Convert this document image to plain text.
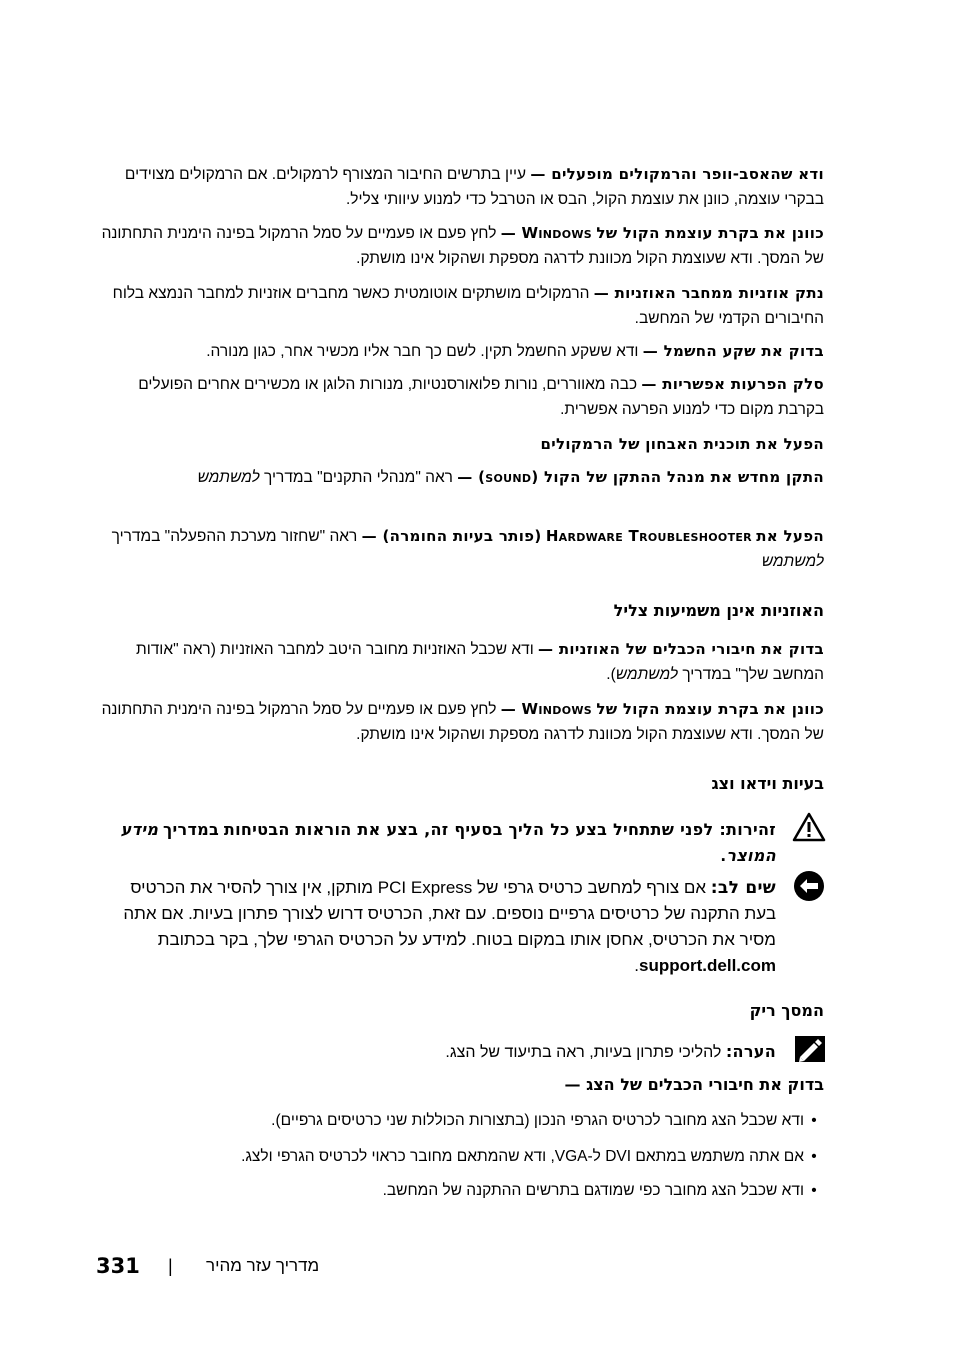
ודא שהאסב-וופר והרמקולים מופעלים — עיין בתרשים החיבור המצורף לרמקולים. אם הרמקולים מצוידים בבקרי עוצמה, כוונן את עוצמת הקול, הבס או הטרבל כדי למנוע עיוותי צליל.
כוונן את בקרת עוצמת הקול של Windows — לחץ פעם או פעמיים על סמל הרמקול בפינה הימנית התחתונה של המסך. ודא שעוצמת הקול מכוונת לדרגה מספקת ושהקול אינו מושתק.
נתק אוזניות ממחבר האוזניות — הרמקולים מושתקים אוטומטית כאשר מחברים אוזניות למחבר הנמצא בלוח החיבורים הקדמי של המחשב.
בדוק את שקע החשמל — ודא ששקע החשמל תקין. לשם כך חבר אליו מכשיר אחר, כגון מנורה.
סלק הפרעות אפשריות — כבה מאווררים, נורות פלואורסנטיות, מנורות הלוגן או מכשירים אחרים הפועלים בקרבת מקום כדי למנוע הפרעה אפשרית.
הפעל את תוכנית האבחון של הרמקולים
התקן מחדש את מנהל ההתקן של הקול (sound) — ראה "מנהלי התקנים" במדריך למשתמש
הפעל את Hardware Troubleshooter (פותר בעיות החומרה) — ראה "שחזור מערכת ההפעלה" במדריך למשתמש
האוזניות אינן משמיעות צליל
בדוק את חיבורי הכבלים של האוזניות — ודא שכבל האוזניות מחובר היטב למחבר האוזניות (ראה "אודות המחשב שלך" במדריך למשתמש).
כוונן את בקרת עוצמת הקול של Windows — לחץ פעם או פעמיים על סמל הרמקול בפינה הימנית התחתונה של המסך. ודא שעוצמת הקול מכוונת לדרגה מספקת ושהקול אינו מושתק.
בעיות וידאו וצג
זהירות: לפני שתתחיל בצע כל הליך בסעיף זה, בצע את הוראות הבטיחות במדריך מידע המוצר.
שים לב: אם צורף למחשב כרטיס גרפי של PCI Express מותקן, אין צורך להסיר את הכרטיס בעת התקנה של כרטיסים גרפיים נוספים. עם זאת, הכרטיס דרוש לצורך פתרון בעיות. אם אתה מסיר את הכרטיס, אחסן אותו במקום בטוח. למידע על הכרטיס הגרפי שלך, בקר בכתובת support.dell.com.
המסך ריק
הערה: להליכי פתרון בעיות, ראה בתיעוד של הצג.
בדוק את חיבורי הכבלים של הצג —
•ודא שכבל הצג מחובר לכרטיס הגרפי הנכון (בתצורות הכוללות שני כרטיסים גרפיים).
•אם אתה משתמש במתאם DVI ל-VGA, ודא שהמתאם מחובר כראוי לכרטיס הגרפי ולצג.
•ודא שכבל הצג מחובר כפי שמודגם בתרשים ההתקנה של המחשב.
331 | מדריך עזר מהיר
